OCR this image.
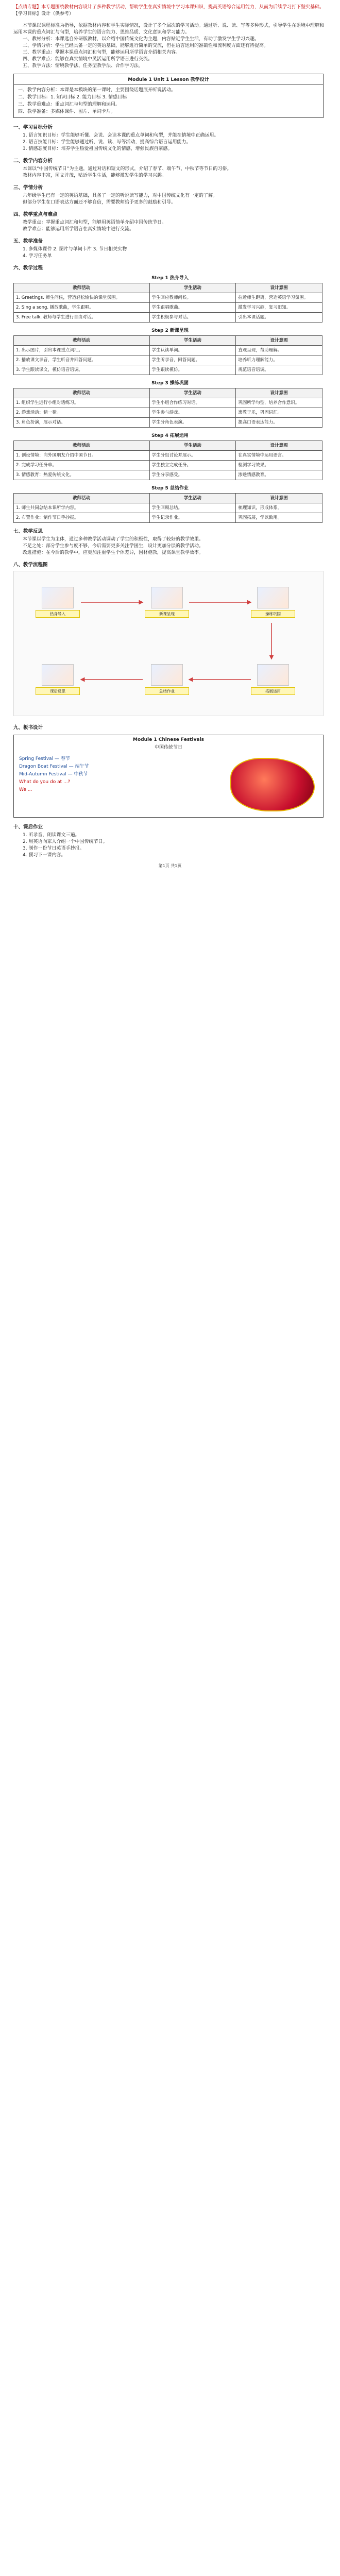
【点睛专题】本专题围绕教材内容设计了多种教学活动，帮助学生在真实情境中学习本课知识，提高英语综合运用能力，从而为后续学习打下坚实基础。

【学习目标】设计（供参考）

本节课以课程标准为指导，依据教材内容和学生实际情况，设计了多个层次的学习活动。通过听、说、读、写等多种形式，引导学生在语境中理解和运用本课的重点词汇与句型，培养学生的语言能力、思维品质、文化意识和学习能力。

一、教材分析：本课选自外研版教材，以介绍中国传统文化为主题，内容贴近学生生活，有助于激发学生学习兴趣。

二、学情分析：学生已经具备一定的英语基础，能够进行简单的交流，但在语言运用的准确性和流利度方面还有待提高。

三、教学重点：掌握本课重点词汇和句型，能够运用所学语言介绍相关内容。

四、教学难点：能够在真实情境中灵活运用所学语言进行交流。

五、教学方法：情境教学法、任务型教学法、合作学习法。

Module 1 Unit 1 Lesson 教学设计
一、教学内容分析：本课是本模块的第一课时，主要围绕话题展开听说活动。
二、教学目标：1. 知识目标 2. 能力目标 3. 情感目标
三、教学重难点：重点词汇与句型的理解和运用。
四、教学准备：多媒体课件、图片、单词卡片。
一、学习目标分析

1. 语言知识目标：学生能够听懂、会说、会读本课的重点单词和句型，并能在情境中正确运用。

2. 语言技能目标：学生能够通过听、说、读、写等活动，提高综合语言运用能力。

3. 情感态度目标：培养学生热爱祖国传统文化的情感，增强民族自豪感。

二、教学内容分析

本课以“中国传统节日”为主题，通过对话和短文的形式，介绍了春节、端午节、中秋节等节日的习俗。

教材内容丰富，图文并茂，贴近学生生活，能够激发学生的学习兴趣。

三、学情分析

六年级学生已有一定的英语基础，具备了一定的听说读写能力，对中国传统文化有一定的了解。

但部分学生在口语表达方面还不够自信，需要教师给予更多的鼓励和引导。

四、教学重点与难点

教学重点：掌握重点词汇和句型，能够用英语简单介绍中国传统节日。

教学难点：能够运用所学语言在真实情境中进行交流。

五、教学准备

1. 多媒体课件 2. 图片与单词卡片 3. 节日相关实物

4. 学习任务单

六、教学过程
Step 1 热身导入
教师活动	学生活动	设计意图
1. Greetings. 师生问候，营造轻松愉快的课堂氛围。	学生回应教师问候。	拉近师生距离，营造英语学习氛围。
2. Sing a song. 播放歌曲，学生跟唱。	学生跟唱歌曲。	激发学习兴趣，复习旧知。
3. Free talk. 教师与学生进行自由对话。	学生积极参与对话。	引出本课话题。
Step 2 新课呈现
教师活动	学生活动	设计意图
1. 出示图片，引出本课重点词汇。	学生认读单词。	直观呈现，帮助理解。
2. 播放课文录音，学生听音并回答问题。	学生听录音，回答问题。	培养听力理解能力。
3. 学生跟读课文，模仿语音语调。	学生跟读模仿。	规范语音语调。
Step 3 操练巩固
教师活动	学生活动	设计意图
1. 组织学生进行小组对话练习。	学生小组合作练习对话。	巩固所学句型，培养合作意识。
2. 游戏活动：猜一猜。	学生参与游戏。	寓教于乐，巩固词汇。
3. 角色扮演，展示对话。	学生分角色表演。	提高口语表达能力。
Step 4 拓展运用
教师活动	学生活动	设计意图
1. 创设情境：向外国朋友介绍中国节日。	学生分组讨论并展示。	在真实情境中运用语言。
2. 完成学习任务单。	学生独立完成任务。	检测学习效果。
3. 情感教育：热爱传统文化。	学生分享感受。	渗透情感教育。
Step 5 总结作业
教师活动	学生活动	设计意图
1. 师生共同总结本课所学内容。	学生回顾总结。	梳理知识，形成体系。
2. 布置作业：制作节日手抄报。	学生记录作业。	巩固拓展，学以致用。
七、教学反思

本节课以学生为主体，通过多种教学活动调动了学生的积极性，取得了较好的教学效果。

不足之处：部分学生参与度不够，今后需要更多关注学困生，设计更加分层的教学活动。

改进措施：在今后的教学中，应更加注重学生个体差异，因材施教，提高课堂教学效率。

八、教学流程图
热身导入	新课呈现	操练巩固
拓展运用
总结作业
课后反思
九、板书设计
Module 1 Chinese Festivals
中国传统节日
Spring Festival — 春节
Dragon Boat Festival — 端午节
Mid-Autumn Festival — 中秋节
What do you do at ...?
We ...
十、课后作业

1. 听录音，朗读课文三遍。

2. 用英语向家人介绍一个中国传统节日。

3. 制作一份节日英语手抄报。

4. 预习下一课内容。

第1页 共1页
